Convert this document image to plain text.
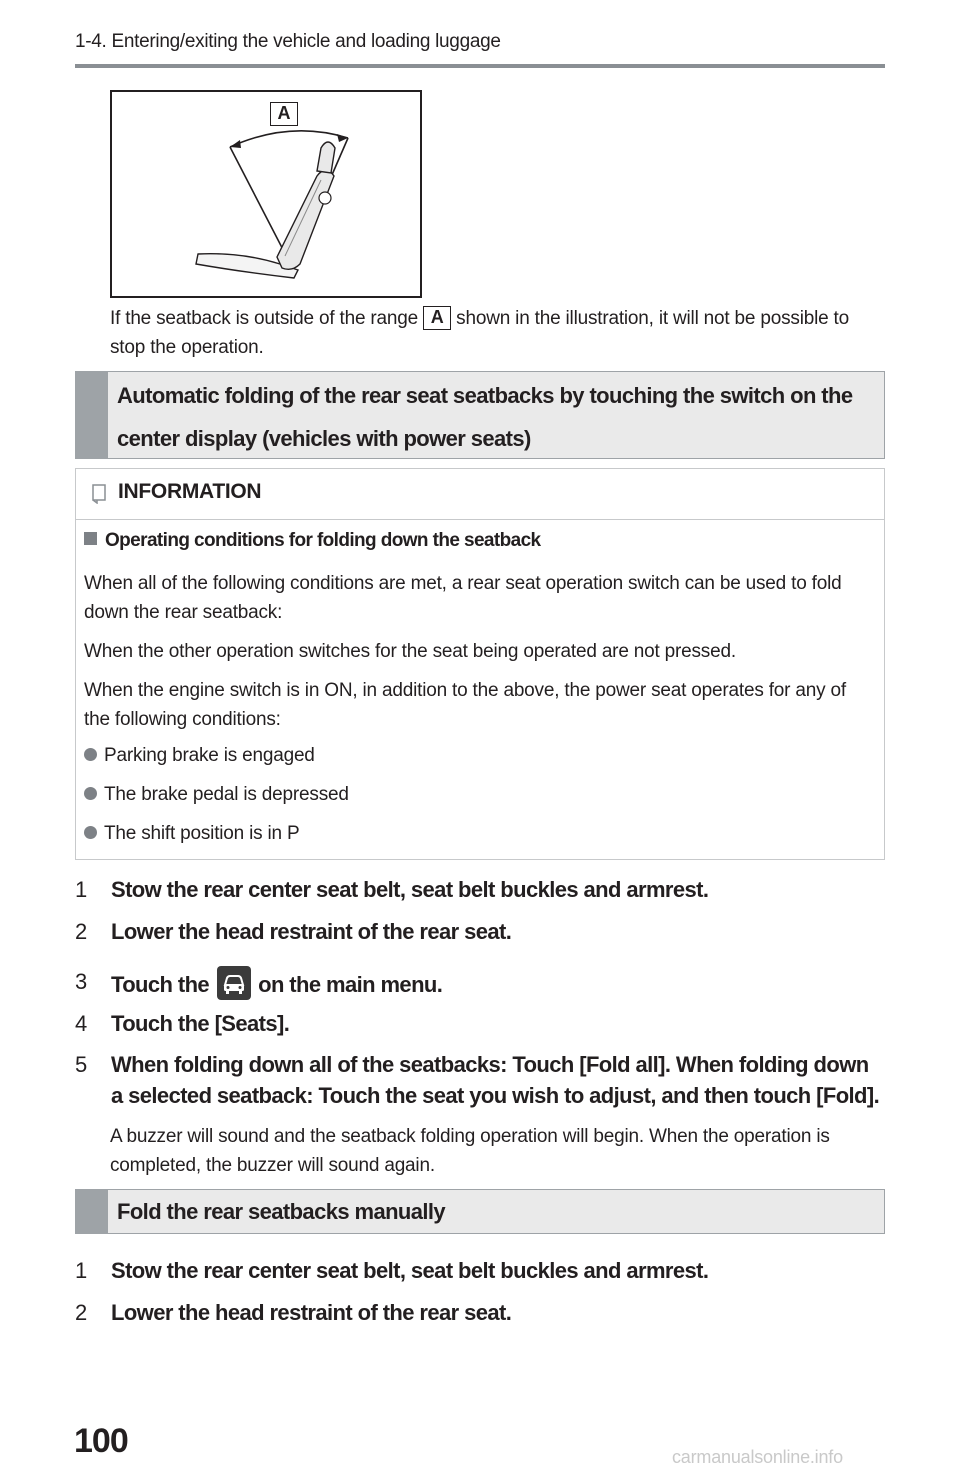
1-4. Entering/exiting the vehicle and loading luggage
A
If the seatback is outside of the range A shown in the illustration, it will not be possible to stop the operation.
Automatic folding of the rear seat seatbacks by touching the switch on the center display (vehicles with power seats)
INFORMATION
Operating conditions for folding down the seatback
When all of the following conditions are met, a rear seat operation switch can be used to fold down the rear seatback:
When the other operation switches for the seat being operated are not pressed.
When the engine switch is in ON, in addition to the above, the power seat operates for any of the following conditions:
Parking brake is engaged
The brake pedal is depressed
The shift position is in P
1 Stow the rear center seat belt, seat belt buckles and armrest.
2 Lower the head restraint of the rear seat.
3 Touch the  on the main menu.
4 Touch the [Seats].
5 When folding down all of the seatbacks: Touch [Fold all]. When folding down a selected seatback: Touch the seat you wish to adjust, and then touch [Fold].
A buzzer will sound and the seatback folding operation will begin. When the operation is completed, the buzzer will sound again.
Fold the rear seatbacks manually
1 Stow the rear center seat belt, seat belt buckles and armrest.
2 Lower the head restraint of the rear seat.
100	carmanualsonline.info
